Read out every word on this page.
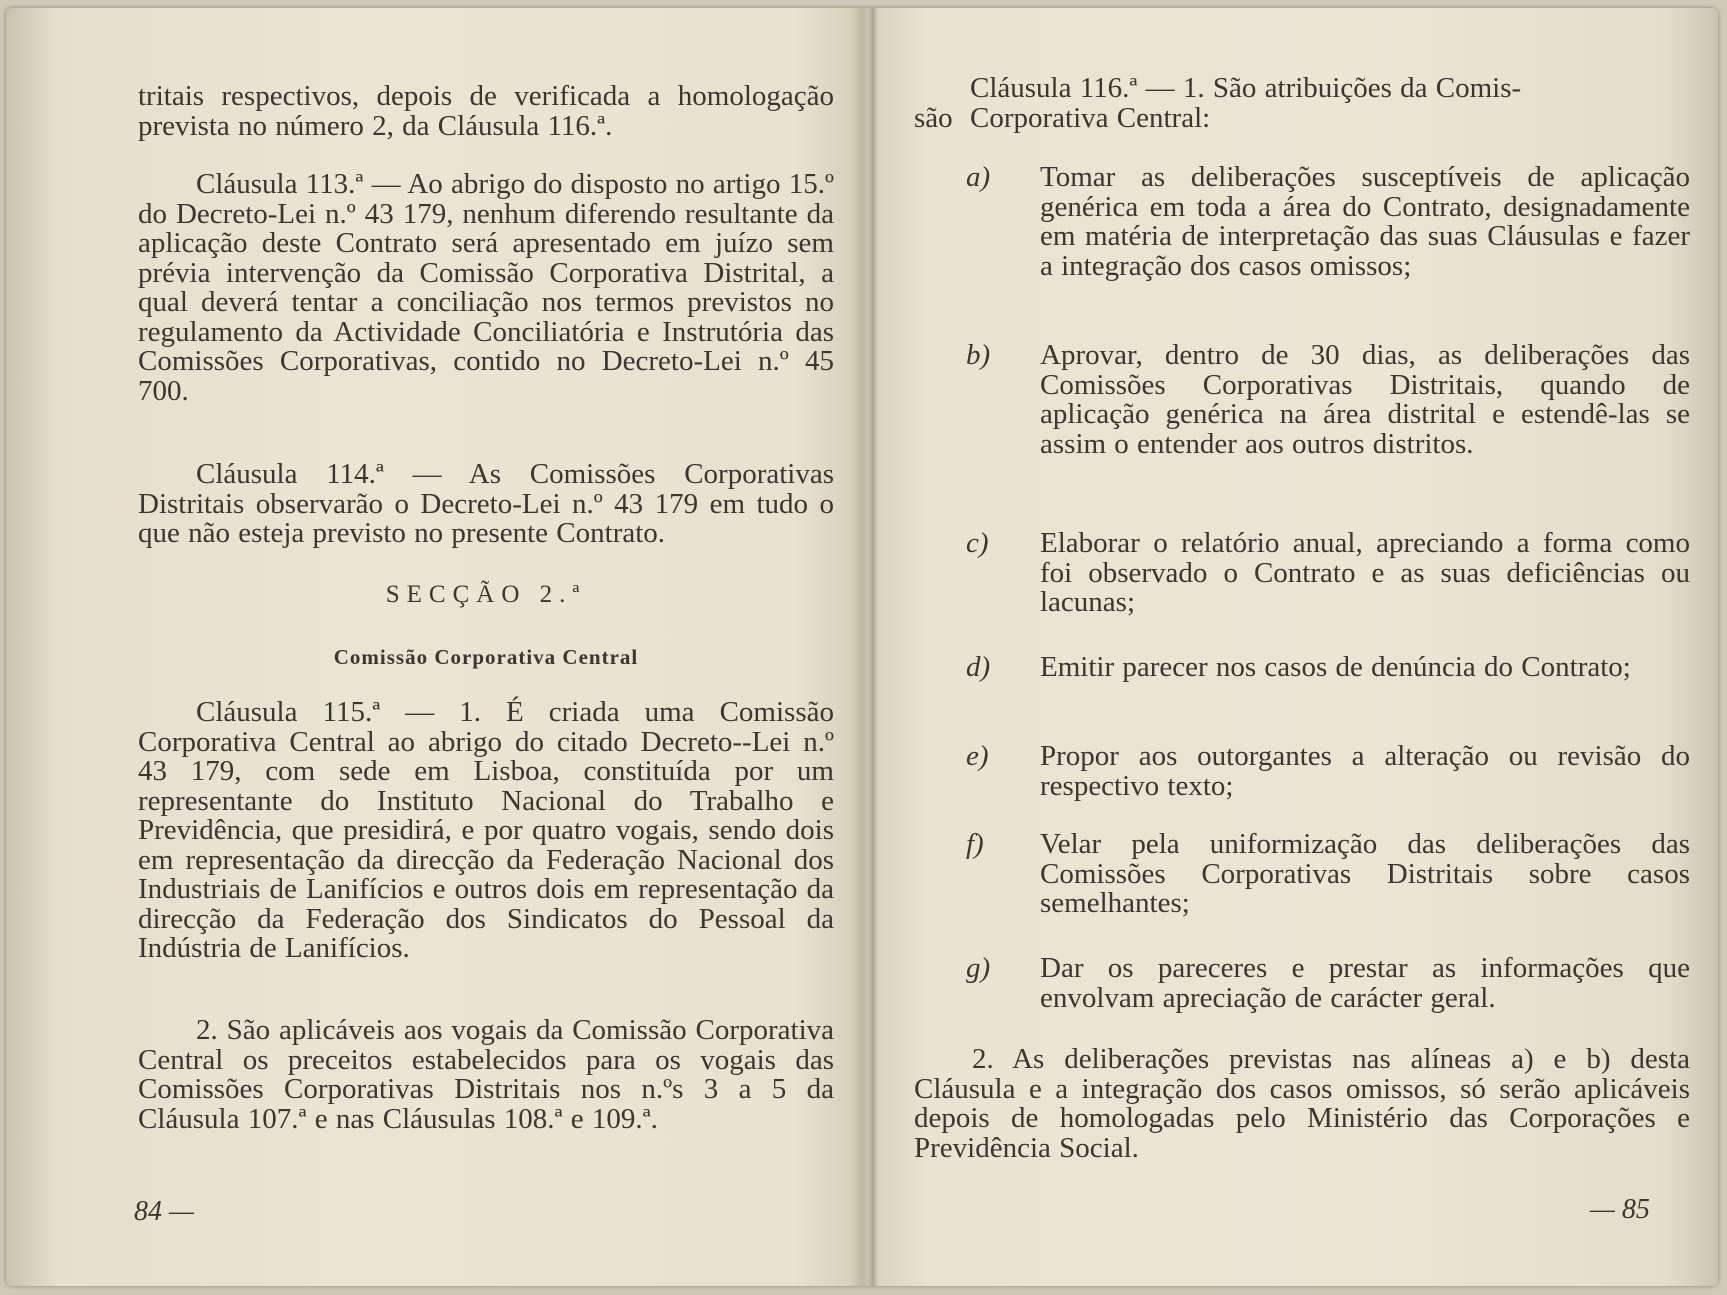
tritais respectivos, depois de verificada a homologação prevista no número 2, da Cláusula 116.ª.

Cláusula 113.ª — Ao abrigo do disposto no artigo 15.º do Decreto-Lei n.º 43 179, nenhum diferendo resultante da aplicação deste Contrato será apresentado em juízo sem prévia intervenção da Comissão Corporativa Distrital, a qual deverá tentar a conciliação nos termos previstos no regulamento da Actividade Conciliatória e Instrutória das Comissões Corporativas, contido no Decreto-Lei n.º 45 700.

Cláusula 114.ª — As Comissões Corporativas Distritais observarão o Decreto-Lei n.º 43 179 em tudo o que não esteja previsto no presente Contrato.

SECÇÃO 2.ª
Comissão Corporativa Central

Cláusula 115.ª — 1. É criada uma Comissão Corporativa Central ao abrigo do citado Decreto--Lei n.º 43 179, com sede em Lisboa, constituída por um representante do Instituto Nacional do Trabalho e Previdência, que presidirá, e por quatro vogais, sendo dois em representação da direcção da Federação Nacional dos Industriais de Lanifícios e outros dois em representação da direcção da Federação dos Sindicatos do Pessoal da Indústria de Lanifícios.

2. São aplicáveis aos vogais da Comissão Corporativa Central os preceitos estabelecidos para os vogais das Comissões Corporativas Distritais nos n.ºs 3 a 5 da Cláusula 107.ª e nas Cláusulas 108.ª e 109.ª.

84 —
Cláusula 116.ª — 1. São atribuições da Comis-
são Corporativa Central:
a) Tomar as deliberações susceptíveis de aplicação genérica em toda a área do Contrato, designadamente em matéria de interpretação das suas Cláusulas e fazer a integração dos casos omissos;

b) Aprovar, dentro de 30 dias, as deliberações das Comissões Corporativas Distritais, quando de aplicação genérica na área distrital e estendê-las se assim o entender aos outros distritos.

c) Elaborar o relatório anual, apreciando a forma como foi observado o Contrato e as suas deficiências ou lacunas;

d) Emitir parecer nos casos de denúncia do Contrato;

e) Propor aos outorgantes a alteração ou revisão do respectivo texto;

f) Velar pela uniformização das deliberações das Comissões Corporativas Distritais sobre casos semelhantes;

g) Dar os pareceres e prestar as informações que envolvam apreciação de carácter geral.

2. As deliberações previstas nas alíneas a) e b) desta Cláusula e a integração dos casos omissos, só serão aplicáveis depois de homologadas pelo Ministério das Corporações e Previdência Social.

— 85
